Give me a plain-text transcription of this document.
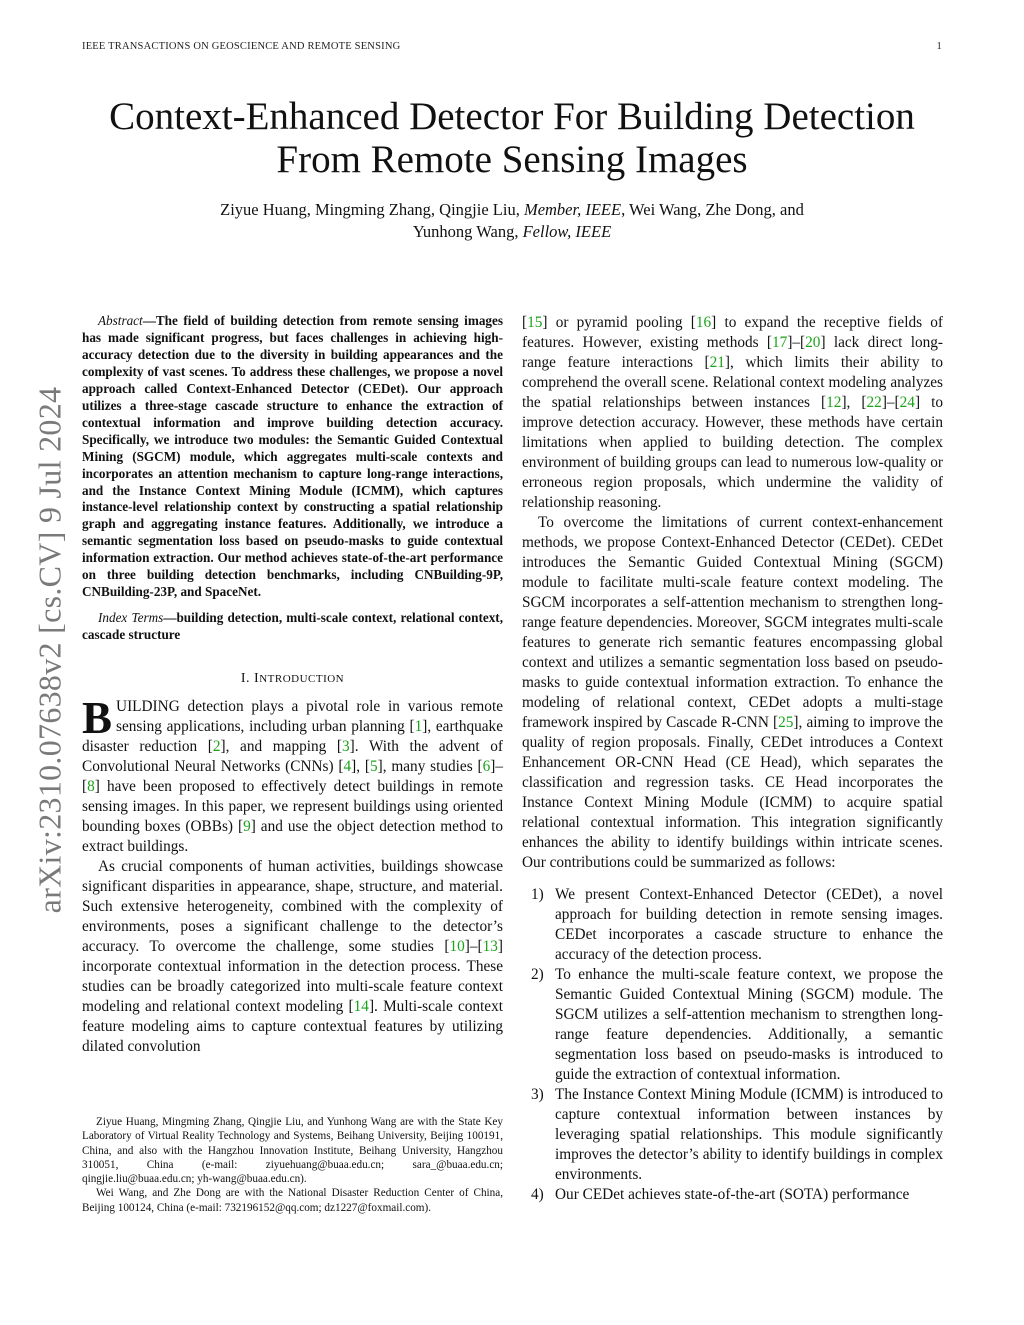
IEEE TRANSACTIONS ON GEOSCIENCE AND REMOTE SENSING	1
arXiv:2310.07638v2 [cs.CV] 9 Jul 2024
Context-Enhanced Detector For Building Detection
From Remote Sensing Images
Ziyue Huang, Mingming Zhang, Qingjie Liu, Member, IEEE, Wei Wang, Zhe Dong, and
Yunhong Wang, Fellow, IEEE

Abstract—The field of building detection from remote sensing images has made significant progress, but faces challenges in achieving high-accuracy detection due to the diversity in building appearances and the complexity of vast scenes. To address these challenges, we propose a novel approach called Context-Enhanced Detector (CEDet). Our approach utilizes a three-stage cascade structure to enhance the extraction of contextual information and improve building detection accuracy. Specifically, we introduce two modules: the Semantic Guided Contextual Mining (SGCM) module, which aggregates multi-scale contexts and incorporates an attention mechanism to capture long-range interactions, and the Instance Context Mining Module (ICMM), which captures instance-level relationship context by constructing a spatial relationship graph and aggregating instance features. Additionally, we introduce a semantic segmentation loss based on pseudo-masks to guide contextual information extraction. Our method achieves state-of-the-art performance on three building detection benchmarks, including CNBuilding-9P, CNBuilding-23P, and SpaceNet.

Index Terms—building detection, multi-scale context, relational context, cascade structure

I. INTRODUCTION

BUILDING detection plays a pivotal role in various remote sensing applications, including urban planning [1], earthquake disaster reduction [2], and mapping [3]. With the advent of Convolutional Neural Networks (CNNs) [4], [5], many studies [6]–[8] have been proposed to effectively detect buildings in remote sensing images. In this paper, we represent buildings using oriented bounding boxes (OBBs) [9] and use the object detection method to extract buildings.

As crucial components of human activities, buildings showcase significant disparities in appearance, shape, structure, and material. Such extensive heterogeneity, combined with the complexity of environments, poses a significant challenge to the detector’s accuracy. To overcome the challenge, some studies [10]–[13] incorporate contextual information in the detection process. These studies can be broadly categorized into multi-scale feature context modeling and relational context modeling [14]. Multi-scale context feature modeling aims to capture contextual features by utilizing dilated convolution

Ziyue Huang, Mingming Zhang, Qingjie Liu, and Yunhong Wang are with the State Key Laboratory of Virtual Reality Technology and Systems, Beihang University, Beijing 100191, China, and also with the Hangzhou Innovation Institute, Beihang University, Hangzhou 310051, China (e-mail: ziyuehuang@buaa.edu.cn; sara_@buaa.edu.cn; qingjie.liu@buaa.edu.cn; yh-wang@buaa.edu.cn).

Wei Wang, and Zhe Dong are with the National Disaster Reduction Center of China, Beijing 100124, China (e-mail: 732196152@qq.com; dz1227@foxmail.com).

[15] or pyramid pooling [16] to expand the receptive fields of features. However, existing methods [17]–[20] lack direct long-range feature interactions [21], which limits their ability to comprehend the overall scene. Relational context modeling analyzes the spatial relationships between instances [12], [22]–[24] to improve detection accuracy. However, these methods have certain limitations when applied to building detection. The complex environment of building groups can lead to numerous low-quality or erroneous region proposals, which undermine the validity of relationship reasoning.

To overcome the limitations of current context-enhancement methods, we propose Context-Enhanced Detector (CEDet). CEDet introduces the Semantic Guided Contextual Mining (SGCM) module to facilitate multi-scale feature context modeling. The SGCM incorporates a self-attention mechanism to strengthen long-range feature dependencies. Moreover, SGCM integrates multi-scale features to generate rich semantic features encompassing global context and utilizes a semantic segmentation loss based on pseudo-masks to guide contextual information extraction. To enhance the modeling of relational context, CEDet adopts a multi-stage framework inspired by Cascade R-CNN [25], aiming to improve the quality of region proposals. Finally, CEDet introduces a Context Enhancement OR-CNN Head (CE Head), which separates the classification and regression tasks. CE Head incorporates the Instance Context Mining Module (ICMM) to acquire spatial relational contextual information. This integration significantly enhances the ability to identify buildings within intricate scenes. Our contributions could be summarized as follows:

1) We present Context-Enhanced Detector (CEDet), a novel approach for building detection in remote sensing images. CEDet incorporates a cascade structure to enhance the accuracy of the detection process.
2) To enhance the multi-scale feature context, we propose the Semantic Guided Contextual Mining (SGCM) module. The SGCM utilizes a self-attention mechanism to strengthen long-range feature dependencies. Additionally, a semantic segmentation loss based on pseudo-masks is introduced to guide the extraction of contextual information.
3) The Instance Context Mining Module (ICMM) is introduced to capture contextual information between instances by leveraging spatial relationships. This module significantly improves the detector’s ability to identify buildings in complex environments.
4) Our CEDet achieves state-of-the-art (SOTA) performance
